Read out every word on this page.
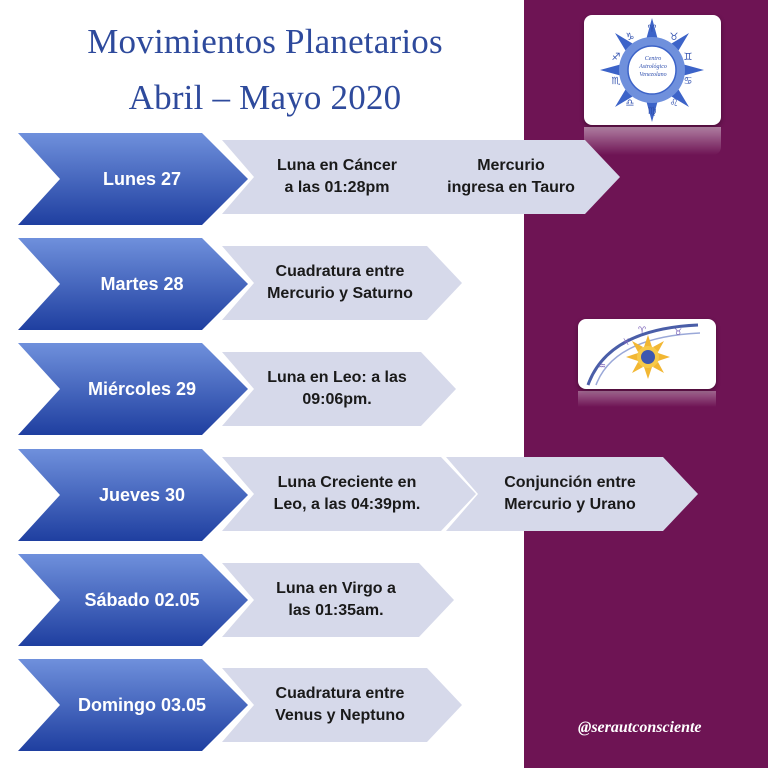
Movimientos Planetarios
Abril – Mayo 2020
♈
♉
♊
♋
♌
♍
♎
♏
♐
♑
Centro Astrológico Venezolano
♓
♈	♉
♒
Lunes 27
Luna en Cáncer
a las 01:28pm
Mercurio
ingresa en Tauro
Martes 28
Cuadratura entre
Mercurio y Saturno
Miércoles 29
Luna en Leo: a las
09:06pm.
Jueves 30
Luna Creciente en
Leo, a las 04:39pm.
Conjunción entre
Mercurio y Urano
Sábado 02.05
Luna en Virgo a
las 01:35am.
Domingo 03.05
Cuadratura entre
Venus y Neptuno
@serautconsciente
